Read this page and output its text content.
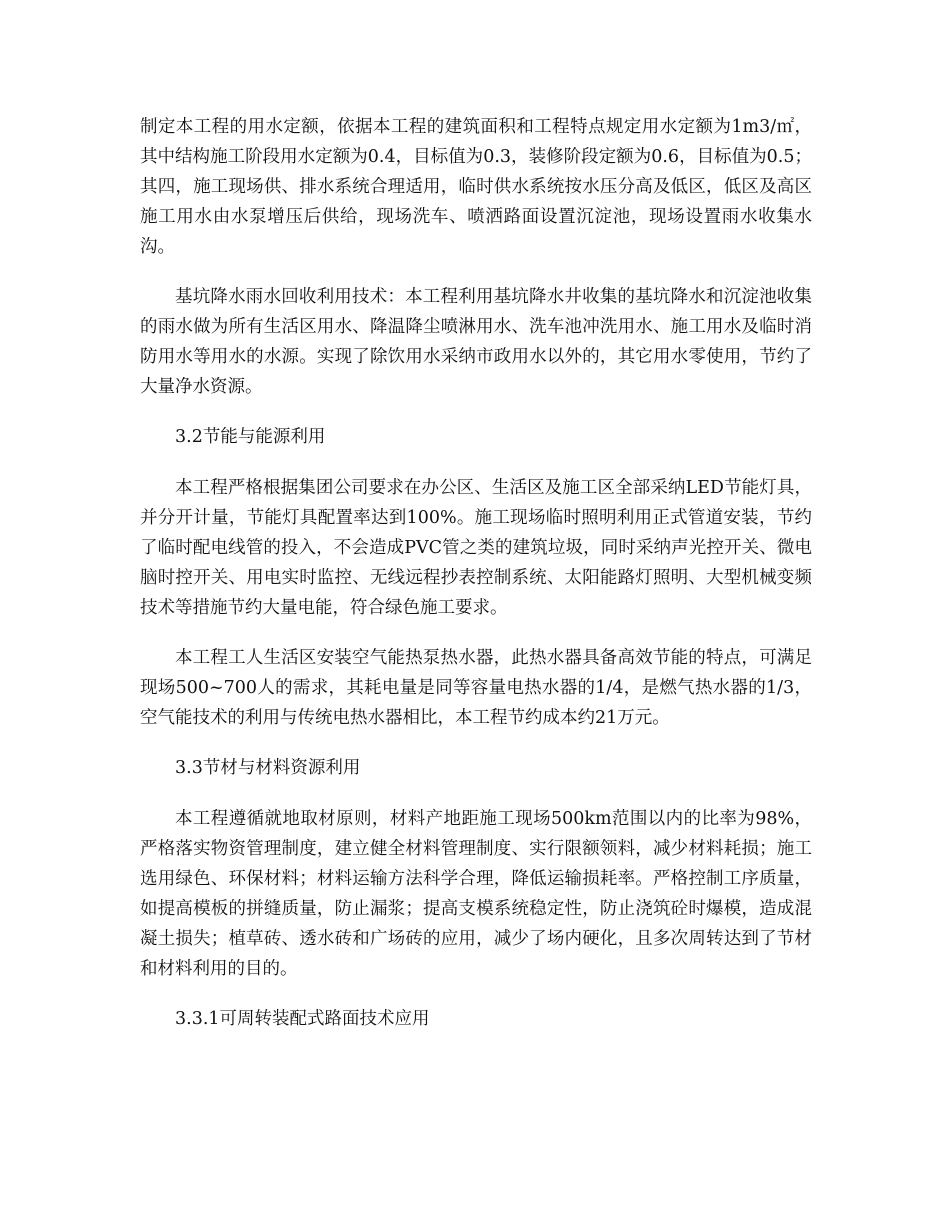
制定本工程的用水定额，依据本工程的建筑面积和工程特点规定用水定额为1m3/㎡，其中结构施工阶段用水定额为0.4，目标值为0.3，装修阶段定额为0.6，目标值为0.5；其四，施工现场供、排水系统合理适用，临时供水系统按水压分高及低区，低区及高区施工用水由水泵增压后供给，现场洗车、喷洒路面设置沉淀池，现场设置雨水收集水沟。

基坑降水雨水回收利用技术：本工程利用基坑降水井收集的基坑降水和沉淀池收集的雨水做为所有生活区用水、降温降尘喷淋用水、洗车池冲洗用水、施工用水及临时消防用水等用水的水源。实现了除饮用水采纳市政用水以外的，其它用水零使用，节约了大量净水资源。

3.2节能与能源利用

本工程严格根据集团公司要求在办公区、生活区及施工区全部采纳LED节能灯具，并分开计量，节能灯具配置率达到100%。施工现场临时照明利用正式管道安装，节约了临时配电线管的投入，不会造成PVC管之类的建筑垃圾，同时采纳声光控开关、微电脑时控开关、用电实时监控、无线远程抄表控制系统、太阳能路灯照明、大型机械变频技术等措施节约大量电能，符合绿色施工要求。

本工程工人生活区安装空气能热泵热水器，此热水器具备高效节能的特点，可满足现场500~700人的需求，其耗电量是同等容量电热水器的1/4，是燃气热水器的1/3，空气能技术的利用与传统电热水器相比，本工程节约成本约21万元。

3.3节材与材料资源利用

本工程遵循就地取材原则，材料产地距施工现场500km范围以内的比率为98%，严格落实物资管理制度，建立健全材料管理制度、实行限额领料，减少材料耗损；施工选用绿色、环保材料；材料运输方法科学合理，降低运输损耗率。严格控制工序质量，如提高模板的拼缝质量，防止漏浆；提高支模系统稳定性，防止浇筑砼时爆模，造成混凝土损失；植草砖、透水砖和广场砖的应用，减少了场内硬化，且多次周转达到了节材和材料利用的目的。

3.3.1可周转装配式路面技术应用
